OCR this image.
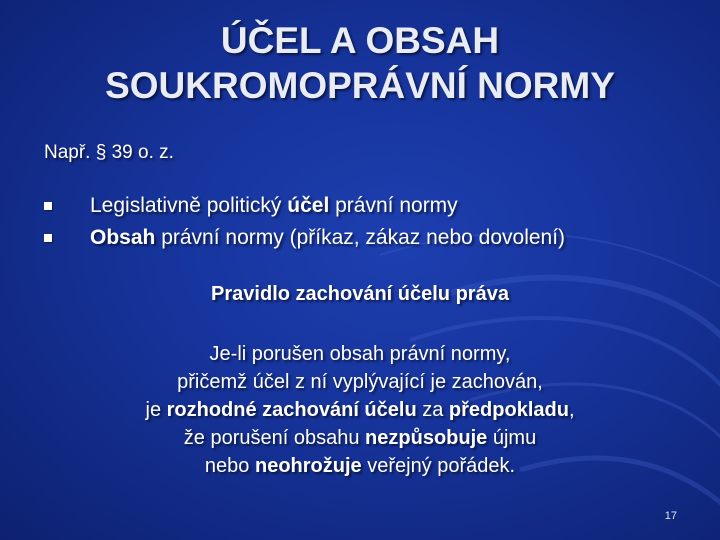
ÚČEL A OBSAH
SOUKROMOPRÁVNÍ NORMY
Např. § 39 o. z.
Legislativně politický účel právní normy
Obsah právní normy (příkaz, zákaz nebo dovolení)
Pravidlo zachování účelu práva
Je-li porušen obsah právní normy,
přičemž účel z ní vyplývající je zachován,
je rozhodné zachování účelu za předpokladu,
že porušení obsahu nezpůsobuje újmu
nebo neohrožuje veřejný pořádek.
17
